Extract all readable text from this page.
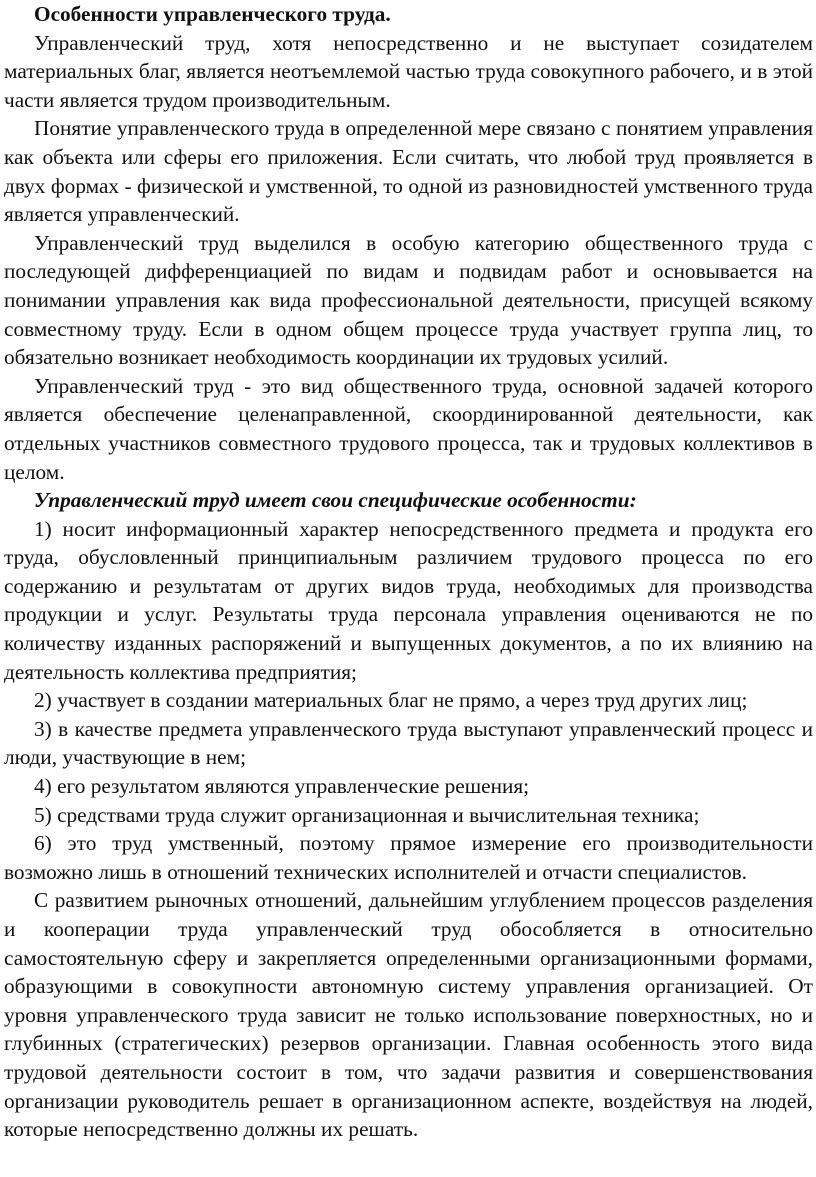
Особенности управленческого труда.

Управленческий труд, хотя непосредственно и не выступает созидателем материальных благ, является неотъемлемой частью труда совокупного рабочего, и в этой части является трудом производительным.

Понятие управленческого труда в определенной мере связано с понятием управления как объекта или сферы его приложения. Если считать, что любой труд проявляется в двух формах - физической и умственной, то одной из разновидностей умственного труда является управленческий.

Управленческий труд выделился в особую категорию общественного труда с последующей дифференциацией по видам и подвидам работ и основывается на понимании управления как вида профессиональной деятельности, присущей всякому совместному труду. Если в одном общем процессе труда участвует группа лиц, то обязательно возникает необходимость координации их трудовых усилий.

Управленческий труд - это вид общественного труда, основной задачей которого является обеспечение целенаправленной, скоординированной деятельности, как отдельных участников совместного трудового процесса, так и трудовых коллективов в целом.

Управленческий труд имеет свои специфические особенности:

1) носит информационный характер непосредственного предмета и продукта его труда, обусловленный принципиальным различием трудового процесса по его содержанию и результатам от других видов труда, необходимых для производства продукции и услуг. Результаты труда персонала управления оцениваются не по количеству изданных распоряжений и выпущенных документов, а по их влиянию на деятельность коллектива предприятия;

2) участвует в создании материальных благ не прямо, а через труд других лиц;

3) в качестве предмета управленческого труда выступают управленческий процесс и люди, участвующие в нем;

4) его результатом являются управленческие решения;

5) средствами труда служит организационная и вычислительная техника;

6) это труд умственный, поэтому прямое измерение его производительности возможно лишь в отношений технических исполнителей и отчасти специалистов.

С развитием рыночных отношений, дальнейшим углублением процессов разделения и кооперации труда управленческий труд обособляется в относительно самостоятельную сферу и закрепляется определенными организационными формами, образующими в совокупности автономную систему управления организацией. От уровня управленческого труда зависит не только использование поверхностных, но и глубинных (стратегических) резервов организации. Главная особенность этого вида трудовой деятельности состоит в том, что задачи развития и совершенствования организации руководитель решает в организационном аспекте, воздействуя на людей, которые непосредственно должны их решать.
